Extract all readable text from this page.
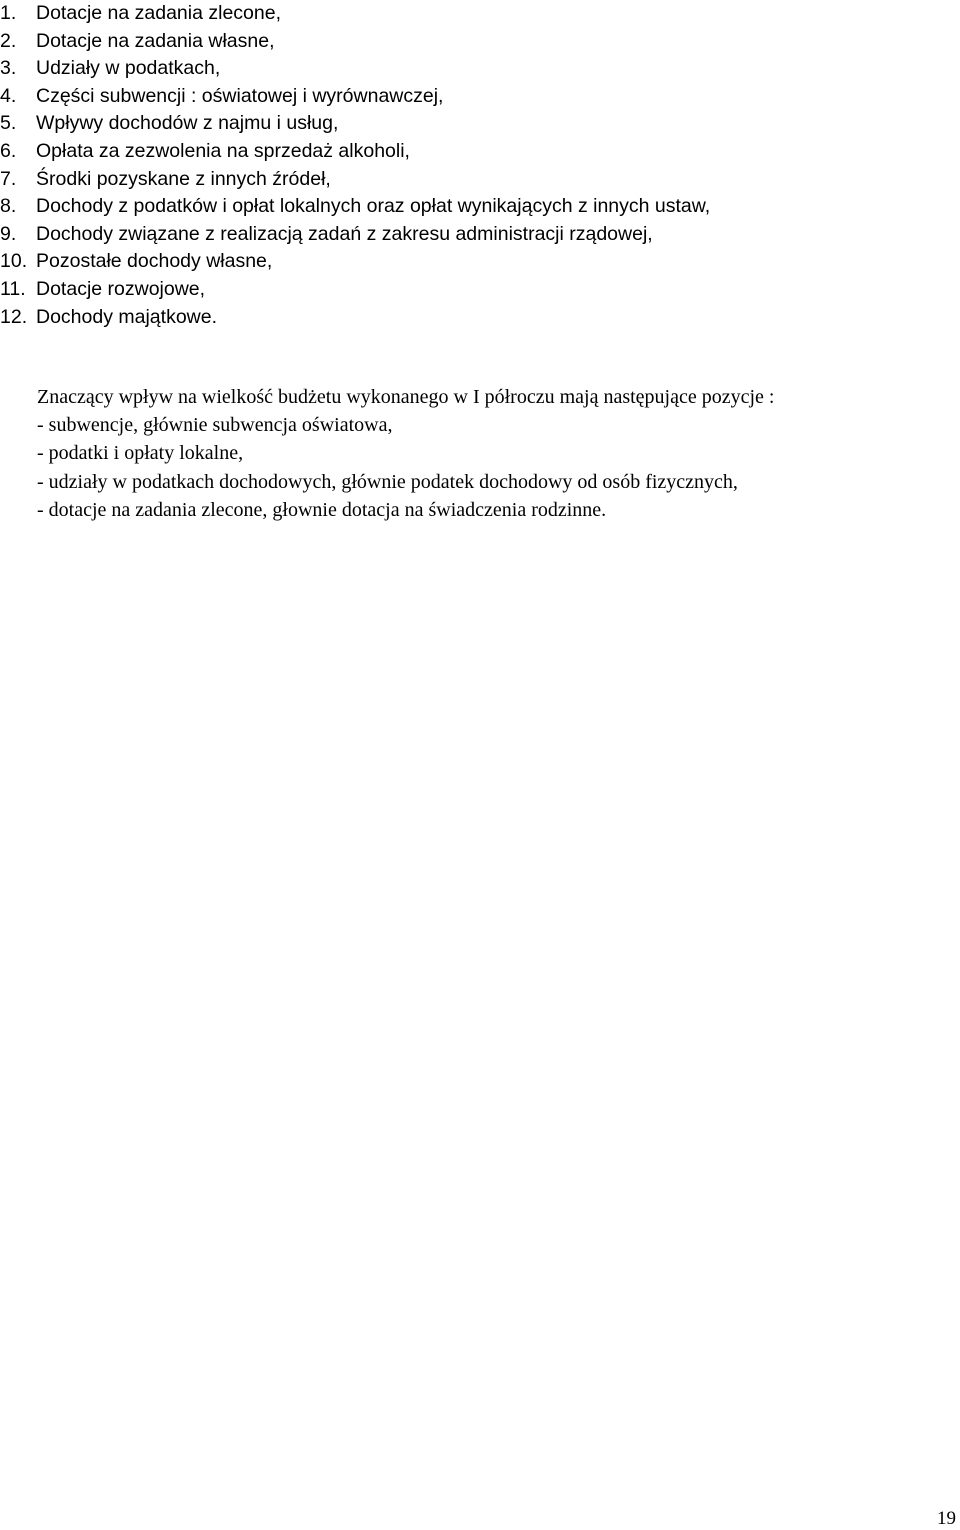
1.	Dotacje na zadania zlecone,
2.	Dotacje na zadania własne,
3.	Udziały w podatkach,
4.	Części subwencji : oświatowej i wyrównawczej,
5.	Wpływy dochodów z najmu i usług,
6.	Opłata za zezwolenia na sprzedaż alkoholi,
7.	Środki pozyskane z innych źródeł,
8.	Dochody z podatków i opłat lokalnych oraz opłat wynikających z innych ustaw,
9.	Dochody związane z realizacją zadań z zakresu administracji rządowej,
10. Pozostałe dochody własne,
11. Dotacje rozwojowe,
12. Dochody majątkowe.

Znaczący wpływ na wielkość budżetu wykonanego w I półroczu mają następujące pozycje :

- subwencje, głównie subwencja oświatowa,

- podatki i opłaty lokalne,

- udziały w podatkach dochodowych, głównie podatek dochodowy od osób fizycznych,

- dotacje na zadania zlecone, głownie dotacja na świadczenia rodzinne.

19
